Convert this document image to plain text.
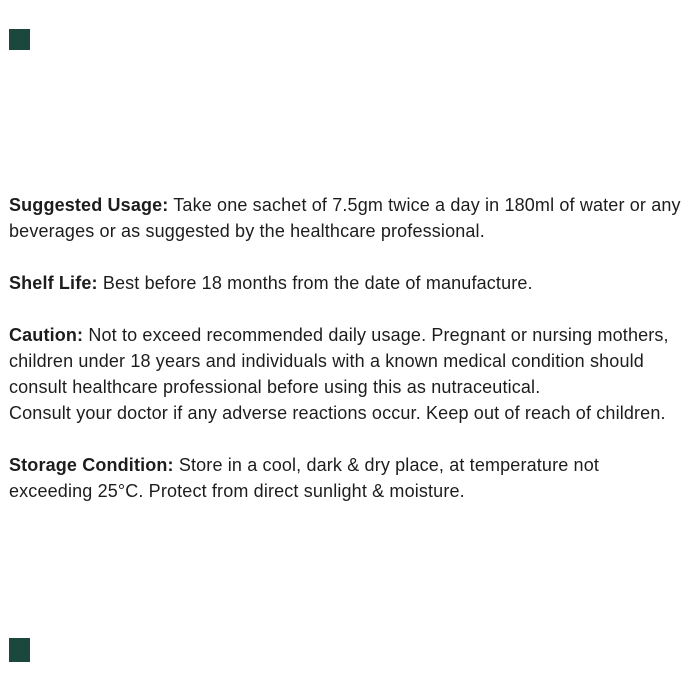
Suggested Usage: Take one sachet of 7.5gm twice a day in 180ml of water or any
beverages or as suggested by the healthcare professional.

Shelf Life: Best before 18 months from the date of manufacture.

Caution: Not to exceed recommended daily usage. Pregnant or nursing mothers,
children under 18 years and individuals with a known medical condition should
consult healthcare professional before using this as nutraceutical.
Consult your doctor if any adverse reactions occur. Keep out of reach of children.

Storage Condition: Store in a cool, dark & dry place, at temperature not
exceeding 25°C. Protect from direct sunlight & moisture.
